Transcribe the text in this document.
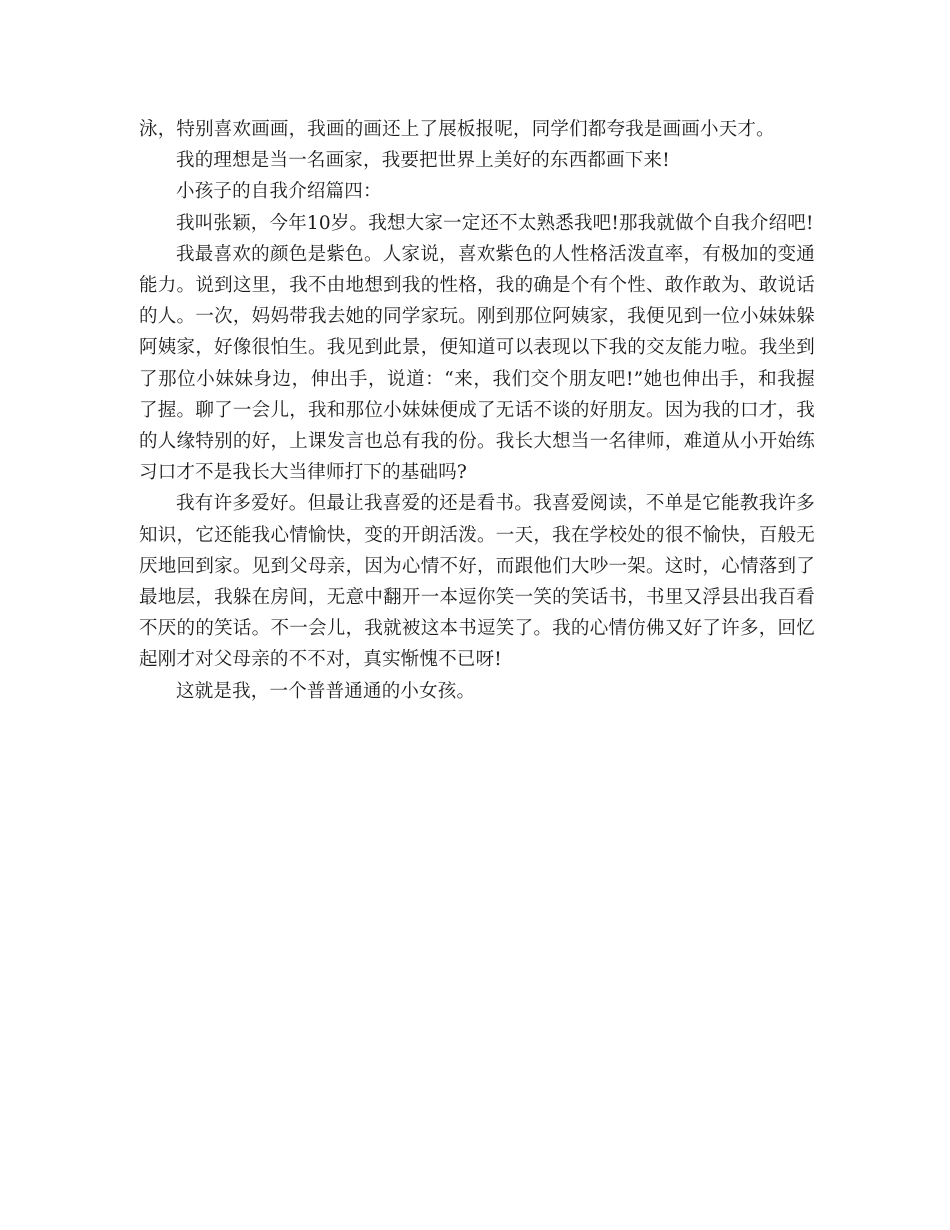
泳，特别喜欢画画，我画的画还上了展板报呢，同学们都夸我是画画小天才。

我的理想是当一名画家，我要把世界上美好的东西都画下来!

小孩子的自我介绍篇四：

我叫张颖，今年10岁。我想大家一定还不太熟悉我吧!那我就做个自我介绍吧!

我最喜欢的颜色是紫色。人家说，喜欢紫色的人性格活泼直率，有极加的变通能力。说到这里，我不由地想到我的性格，我的确是个有个性、敢作敢为、敢说话的人。一次，妈妈带我去她的同学家玩。刚到那位阿姨家，我便见到一位小妹妹躲阿姨家，好像很怕生。我见到此景，便知道可以表现以下我的交友能力啦。我坐到了那位小妹妹身边，伸出手，说道：“来，我们交个朋友吧!”她也伸出手，和我握了握。聊了一会儿，我和那位小妹妹便成了无话不谈的好朋友。因为我的口才，我的人缘特别的好，上课发言也总有我的份。我长大想当一名律师，难道从小开始练习口才不是我长大当律师打下的基础吗?

我有许多爱好。但最让我喜爱的还是看书。我喜爱阅读，不单是它能教我许多知识，它还能我心情愉快，变的开朗活泼。一天，我在学校处的很不愉快，百般无厌地回到家。见到父母亲，因为心情不好，而跟他们大吵一架。这时，心情落到了最地层，我躲在房间，无意中翻开一本逗你笑一笑的笑话书，书里又浮县出我百看不厌的的笑话。不一会儿，我就被这本书逗笑了。我的心情仿佛又好了许多，回忆起刚才对父母亲的不不对，真实惭愧不已呀!

这就是我，一个普普通通的小女孩。
